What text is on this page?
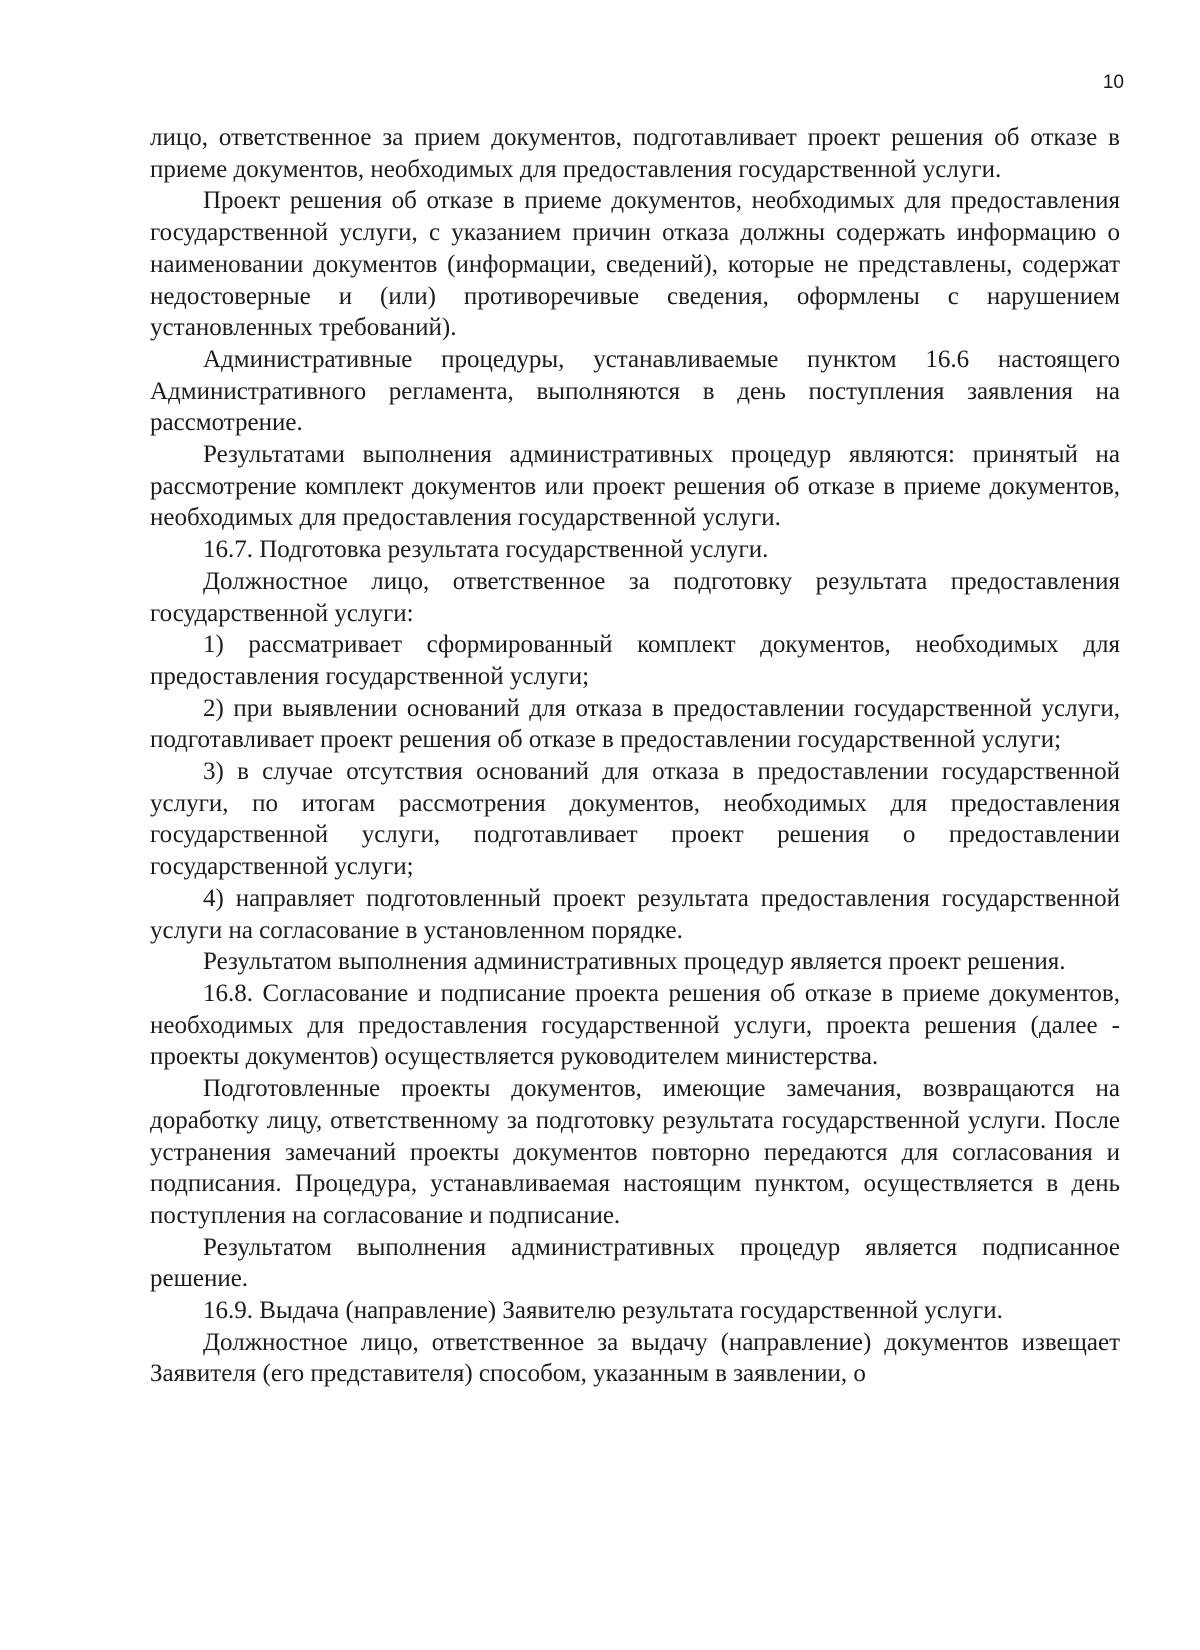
10

лицо, ответственное за прием документов, подготавливает проект решения об отказе в приеме документов, необходимых для предоставления государственной услуги.

Проект решения об отказе в приеме документов, необходимых для предоставления государственной услуги, с указанием причин отказа должны содержать информацию о наименовании документов (информации, сведений), которые не представлены, содержат недостоверные и (или) противоречивые сведения, оформлены с нарушением установленных требований).

Административные процедуры, устанавливаемые пунктом 16.6 настоящего Административного регламента, выполняются в день поступления заявления на рассмотрение.

Результатами выполнения административных процедур являются: принятый на рассмотрение комплект документов или проект решения об отказе в приеме документов, необходимых для предоставления государственной услуги.

16.7. Подготовка результата государственной услуги.

Должностное лицо, ответственное за подготовку результата предоставления государственной услуги:

1) рассматривает сформированный комплект документов, необходимых для предоставления государственной услуги;

2) при выявлении оснований для отказа в предоставлении государственной услуги, подготавливает проект решения об отказе в предоставлении государственной услуги;

3) в случае отсутствия оснований для отказа в предоставлении государственной услуги, по итогам рассмотрения документов, необходимых для предоставления государственной услуги, подготавливает проект решения о предоставлении государственной услуги;

4) направляет подготовленный проект результата предоставления государственной услуги на согласование в установленном порядке.

Результатом выполнения административных процедур является проект решения.

16.8. Согласование и подписание проекта решения об отказе в приеме документов, необходимых для предоставления государственной услуги, проекта решения (далее - проекты документов) осуществляется руководителем министерства.

Подготовленные проекты документов, имеющие замечания, возвращаются на доработку лицу, ответственному за подготовку результата государственной услуги. После устранения замечаний проекты документов повторно передаются для согласования и подписания. Процедура, устанавливаемая настоящим пунктом, осуществляется в день поступления на согласование и подписание.

Результатом выполнения административных процедур является подписанное решение.

16.9. Выдача (направление) Заявителю результата государственной услуги.

Должностное лицо, ответственное за выдачу (направление) документов извещает Заявителя (его представителя) способом, указанным в заявлении, о
